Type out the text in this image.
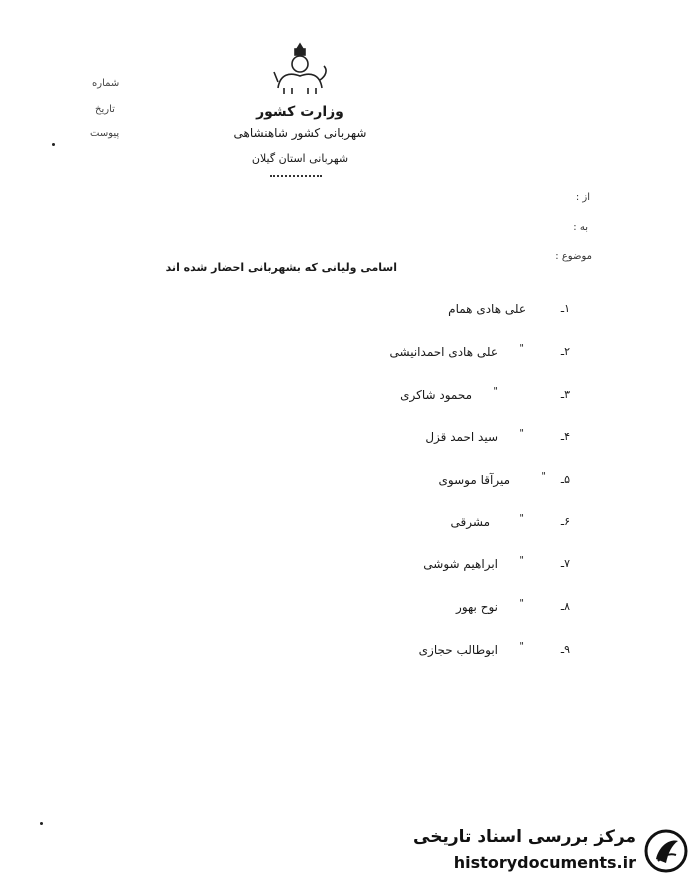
شماره
تاریخ
پیوست
وزارت کشور
شهربانی کشور شاهنشاهی
شهربانی استان گیلان
از :
به :
موضوع :
اسامی ولیانی که بشهربانی احضار شده اند
۱ـ
علی هادی همام
۲ـ
"
علی هادی احمدانیشی
۳ـ
"
محمود شاکری
۴ـ
"
سید احمد قزل
۵ـ
"
میرآقا موسوی
۶ـ
"
مشرقی
۷ـ
"
ابراهیم شوشی
۸ـ
"
نوح بهور
۹ـ
"
ابوطالب حجازی
مرکز بررسی اسناد تاریخی
historydocuments.ir
